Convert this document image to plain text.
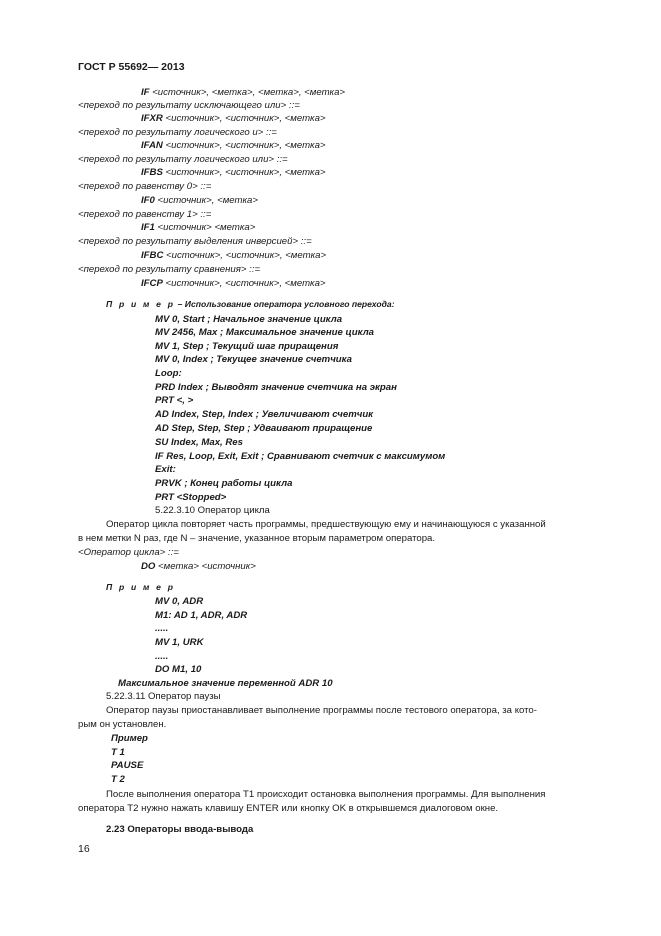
ГОСТ Р 55692— 2013
IF <источник>, <метка>, <метка>, <метка>
<переход по результату исключающего или> ::=
IFXR <источник>, <источник>, <метка>
<переход по результату логического и> ::=
IFAN <источник>, <источник>, <метка>
<переход по результату логического или> ::=
IFBS <источник>, <источник>, <метка>
<переход по равенству 0> ::=
IF0 <источник>, <метка>
<переход по равенству 1> ::=
IF1 <источник> <метка>
<переход по результату выделения инверсией> ::=
IFBC <источник>, <источник>, <метка>
<переход по результату сравнения> ::=
IFCP <источник>, <источник>, <метка>
П р и м е р – Использование оператора условного перехода:
MV 0, Start ; Начальное значение цикла
MV 2456, Max ; Максимальное значение цикла
MV 1, Step ; Текущий шаг приращения
MV 0, Index ; Текущее значение счетчика
Loop:
PRD Index ; Выводят значение счетчика на экран
PRT <, >
AD Index, Step, Index ; Увеличивают счетчик
AD Step, Step, Step ; Удваивают приращение
SU Index, Max, Res
IF Res, Loop, Exit, Exit ; Сравнивают счетчик с максимумом
Exit:
PRVK ; Конец работы цикла
PRT <Stopped>
5.22.3.10 Оператор цикла
Оператор цикла повторяет часть программы, предшествующую ему и начинающуюся с указанной
в нем метки N раз, где N – значение, указанное вторым параметром оператора.
<Оператор цикла> ::=
DO <метка> <источник>
П р и м е р
MV 0, ADR
M1: AD 1, ADR, ADR
.....
MV 1, URK
.....
DO M1, 10
Максимальное значение переменной ADR 10
5.22.3.11 Оператор паузы
Оператор паузы приостанавливает выполнение программы после тестового оператора, за кото-
рым он установлен.
Пример
T 1
PAUSE
T 2
После выполнения оператора T1 происходит остановка выполнения программы. Для выполнения
оператора Т2 нужно нажать клавишу ENTER или кнопку OK в открывшемся диалоговом окне.
2.23 Операторы ввода-вывода
16
